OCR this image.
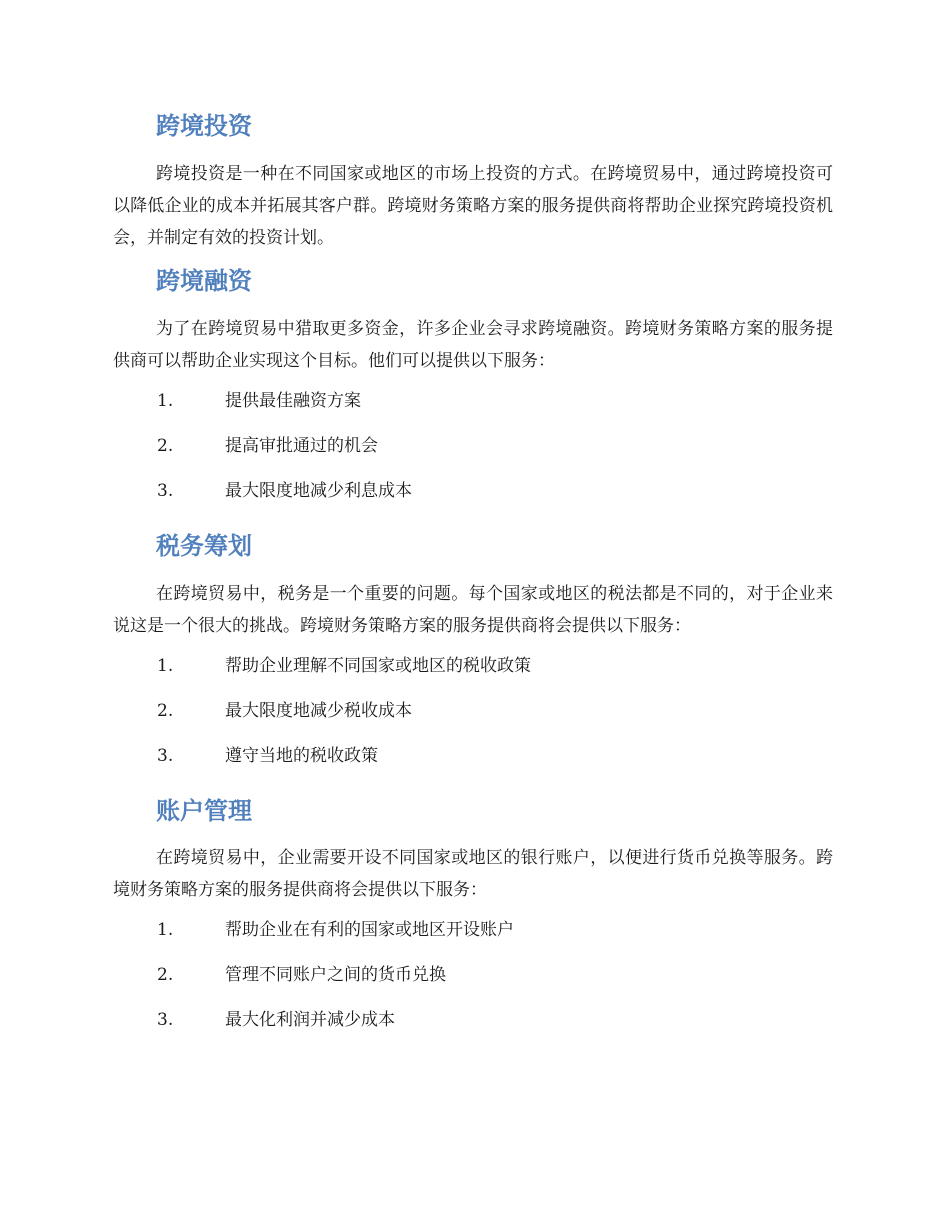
跨境投资

跨境投资是一种在不同国家或地区的市场上投资的方式。在跨境贸易中，通过跨境投资可以降低企业的成本并拓展其客户群。跨境财务策略方案的服务提供商将帮助企业探究跨境投资机会，并制定有效的投资计划。

跨境融资

为了在跨境贸易中猎取更多资金，许多企业会寻求跨境融资。跨境财务策略方案的服务提供商可以帮助企业实现这个目标。他们可以提供以下服务：

1.	提供最佳融资方案
2.	提高审批通过的机会
3.	最大限度地减少利息成本
税务筹划

在跨境贸易中，税务是一个重要的问题。每个国家或地区的税法都是不同的，对于企业来说这是一个很大的挑战。跨境财务策略方案的服务提供商将会提供以下服务：

1.	帮助企业理解不同国家或地区的税收政策
2.	最大限度地减少税收成本
3.	遵守当地的税收政策
账户管理

在跨境贸易中，企业需要开设不同国家或地区的银行账户，以便进行货币兑换等服务。跨境财务策略方案的服务提供商将会提供以下服务：

1.	帮助企业在有利的国家或地区开设账户
2.	管理不同账户之间的货币兑换
3.	最大化利润并减少成本
